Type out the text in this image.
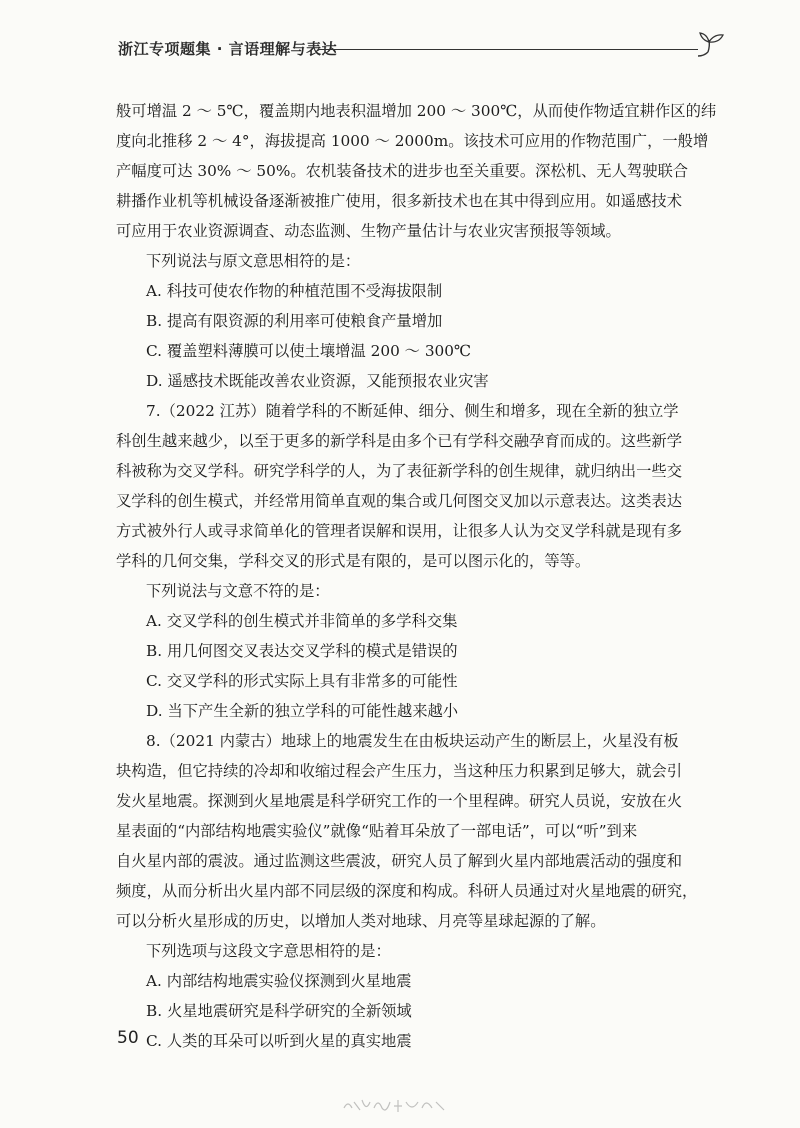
浙江专项题集 · 言语理解与表达

般可增温 2 ～ 5℃，覆盖期内地表积温增加 200 ～ 300℃，从而使作物适宜耕作区的纬

度向北推移 2 ～ 4°，海拔提高 1000 ～ 2000m。该技术可应用的作物范围广，一般增

产幅度可达 30% ～ 50%。农机装备技术的进步也至关重要。深松机、无人驾驶联合

耕播作业机等机械设备逐渐被推广使用，很多新技术也在其中得到应用。如遥感技术

可应用于农业资源调查、动态监测、生物产量估计与农业灾害预报等领域。

下列说法与原文意思相符的是：

A. 科技可使农作物的种植范围不受海拔限制

B. 提高有限资源的利用率可使粮食产量增加

C. 覆盖塑料薄膜可以使土壤增温 200 ～ 300℃

D. 遥感技术既能改善农业资源，又能预报农业灾害

7.（2022 江苏）随着学科的不断延伸、细分、侧生和增多，现在全新的独立学

科创生越来越少，以至于更多的新学科是由多个已有学科交融孕育而成的。这些新学

科被称为交叉学科。研究学科学的人，为了表征新学科的创生规律，就归纳出一些交

叉学科的创生模式，并经常用简单直观的集合或几何图交叉加以示意表达。这类表达

方式被外行人或寻求简单化的管理者误解和误用，让很多人认为交叉学科就是现有多

学科的几何交集，学科交叉的形式是有限的，是可以图示化的，等等。

下列说法与文意不符的是：

A. 交叉学科的创生模式并非简单的多学科交集

B. 用几何图交叉表达交叉学科的模式是错误的

C. 交叉学科的形式实际上具有非常多的可能性

D. 当下产生全新的独立学科的可能性越来越小

8.（2021 内蒙古）地球上的地震发生在由板块运动产生的断层上，火星没有板

块构造，但它持续的冷却和收缩过程会产生压力，当这种压力积累到足够大，就会引

发火星地震。探测到火星地震是科学研究工作的一个里程碑。研究人员说，安放在火

星表面的“内部结构地震实验仪”就像“贴着耳朵放了一部电话”，可以“听”到来

自火星内部的震波。通过监测这些震波，研究人员了解到火星内部地震活动的强度和

频度，从而分析出火星内部不同层级的深度和构成。科研人员通过对火星地震的研究，

可以分析火星形成的历史，以增加人类对地球、月亮等星球起源的了解。

下列选项与这段文字意思相符的是：

A. 内部结构地震实验仪探测到火星地震

B. 火星地震研究是科学研究的全新领域

C. 人类的耳朵可以听到火星的真实地震

50
